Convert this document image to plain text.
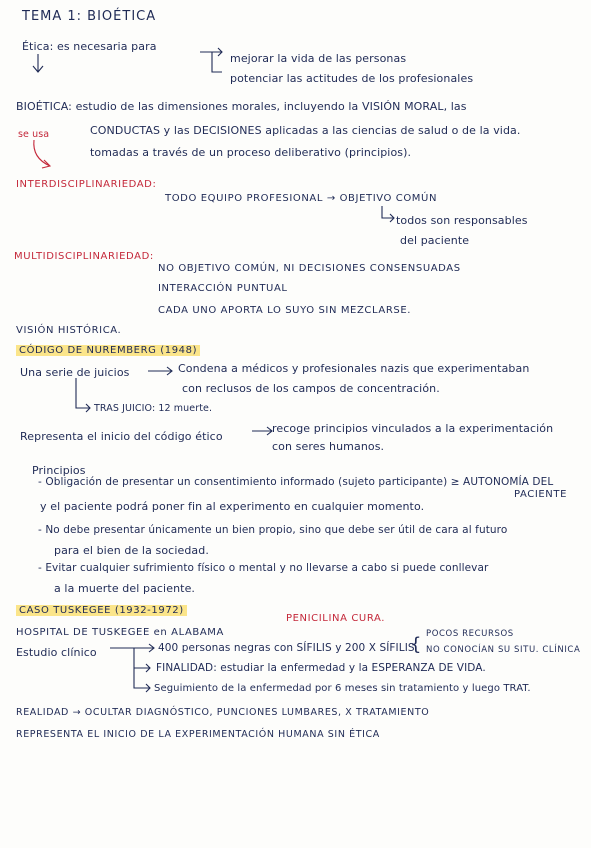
TEMA 1: BIOÉTICA
Ética: es necesaria para
mejorar la vida de las personas
potenciar las actitudes de los profesionales
BIOÉTICA: estudio de las dimensiones morales, incluyendo la VISIÓN MORAL, las
se usa	CONDUCTAS y las DECISIONES aplicadas a las ciencias de salud o de la vida.
tomadas a través de un proceso deliberativo (principios).
INTERDISCIPLINARIEDAD:
TODO EQUIPO PROFESIONAL → OBJETIVO COMÚN
todos son responsables
del paciente
MULTIDISCIPLINARIEDAD:
NO OBJETIVO COMÚN, NI DECISIONES CONSENSUADAS
INTERACCIÓN PUNTUAL
CADA UNO APORTA LO SUYO SIN MEZCLARSE.
VISIÓN HISTÓRICA.
CÓDIGO DE NUREMBERG (1948)
Una serie de juicios	Condena a médicos y profesionales nazis que experimentaban
con reclusos de los campos de concentración.
TRAS JUICIO: 12 muerte.
Representa el inicio del código ético
recoge principios vinculados a la experimentación
con seres humanos.
Principios
- Obligación de presentar un consentimiento informado (sujeto participante) ≥ AUTONOMÍA DEL
PACIENTE
y el paciente podrá poner fin al experimento en cualquier momento.
- No debe presentar únicamente un bien propio, sino que debe ser útil de cara al futuro
para el bien de la sociedad.
- Evitar cualquier sufrimiento físico o mental y no llevarse a cabo si puede conllevar
a la muerte del paciente.
CASO TUSKEGEE (1932-1972)
PENICILINA CURA.
HOSPITAL DE TUSKEGEE en ALABAMA
Estudio clínico	400 personas negras con SÍFILIS y 200 X SÍFILIS
{ POCOS RECURSOS
NO CONOCÍAN SU SITU. CLÍNICA
FINALIDAD: estudiar la enfermedad y la ESPERANZA DE VIDA.
Seguimiento de la enfermedad por 6 meses sin tratamiento y luego TRAT.
REALIDAD → OCULTAR DIAGNÓSTICO, PUNCIONES LUMBARES, X TRATAMIENTO
REPRESENTA EL INICIO DE LA EXPERIMENTACIÓN HUMANA SIN ÉTICA
